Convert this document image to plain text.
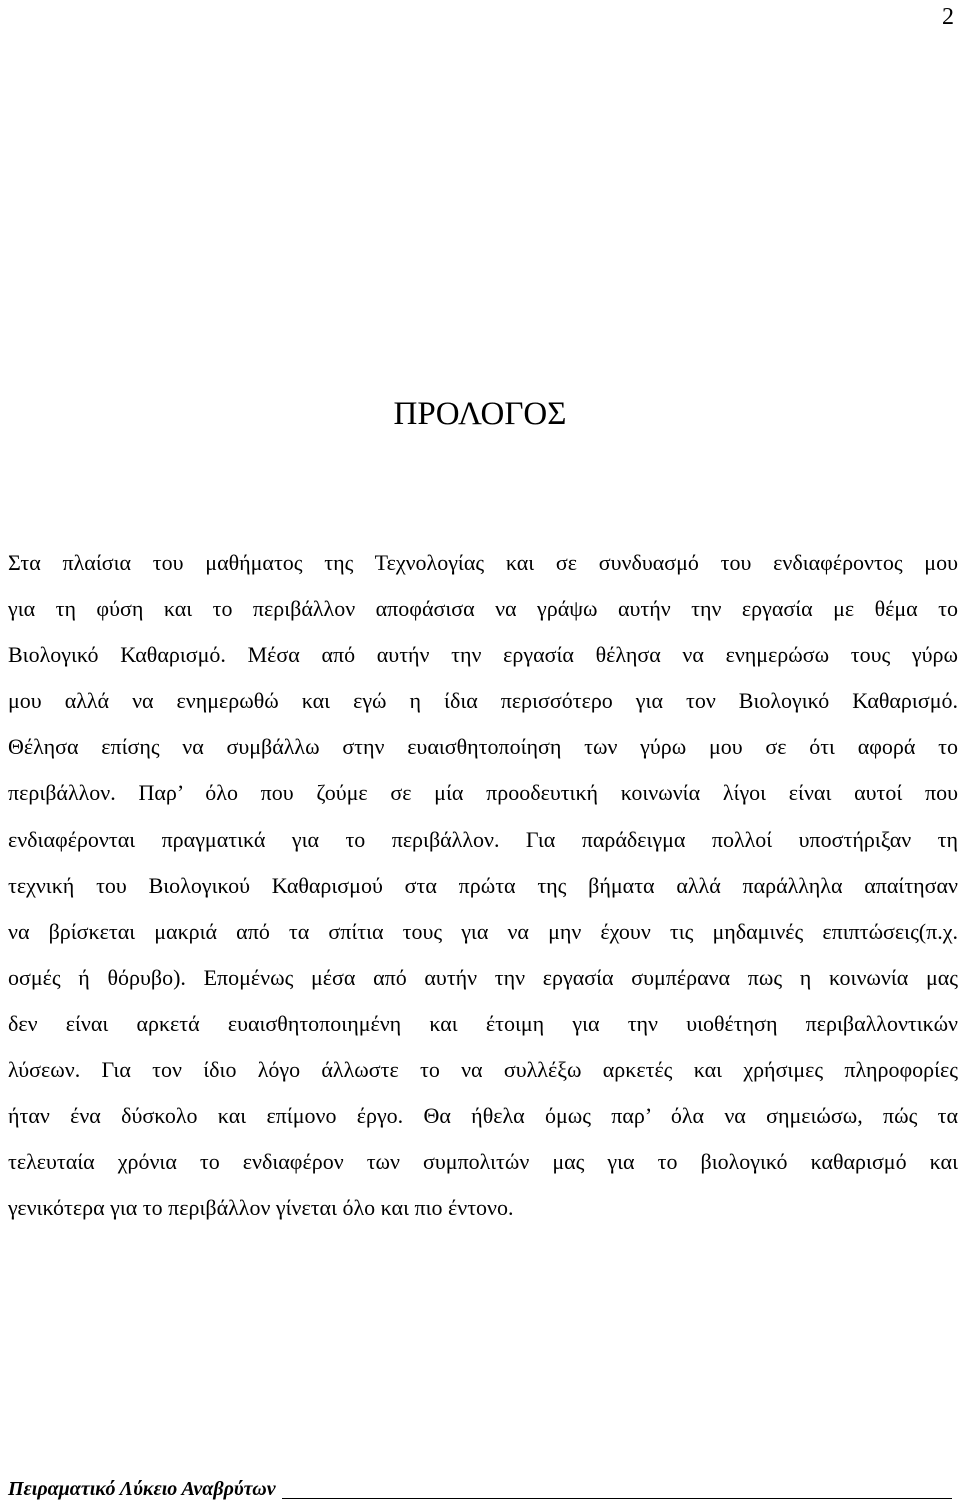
2
ΠΡΟΛΟΓΟΣ

Στα πλαίσια του μαθήματος της Τεχνολογίας και σε συνδυασμό του ενδιαφέροντος μου
για τη φύση και το περιβάλλον αποφάσισα να γράψω αυτήν την εργασία με θέμα το
Βιολογικό Καθαρισμό. Μέσα από αυτήν την εργασία θέλησα να ενημερώσω τους γύρω
μου αλλά να ενημερωθώ και εγώ η ίδια περισσότερο για τον Βιολογικό Καθαρισμό.
Θέλησα επίσης να συμβάλλω στην ευαισθητοποίηση των γύρω μου σε ότι αφορά το
περιβάλλον. Παρ’ όλο που ζούμε σε μία προοδευτική κοινωνία λίγοι είναι αυτοί που
ενδιαφέρονται πραγματικά για το περιβάλλον. Για παράδειγμα πολλοί υποστήριξαν τη
τεχνική του Βιολογικού Καθαρισμού στα πρώτα της βήματα αλλά παράλληλα απαίτησαν
να βρίσκεται μακριά από τα σπίτια τους για να μην έχουν τις μηδαμινές επιπτώσεις(π.χ.
οσμές ή θόρυβο). Επομένως μέσα από αυτήν την εργασία συμπέρανα πως η κοινωνία μας
δεν είναι αρκετά ευαισθητοποιημένη και έτοιμη για την υιοθέτηση περιβαλλοντικών
λύσεων. Για τον ίδιο λόγο άλλωστε το να συλλέξω αρκετές και χρήσιμες πληροφορίες
ήταν ένα δύσκολο και επίμονο έργο. Θα ήθελα όμως παρ’ όλα να σημειώσω, πώς τα
τελευταία χρόνια το ενδιαφέρον των συμπολιτών μας για το βιολογικό καθαρισμό και
γενικότερα για το περιβάλλον γίνεται όλο και πιο έντονο.

Πειραματικό Λύκειο Αναβρύτων
